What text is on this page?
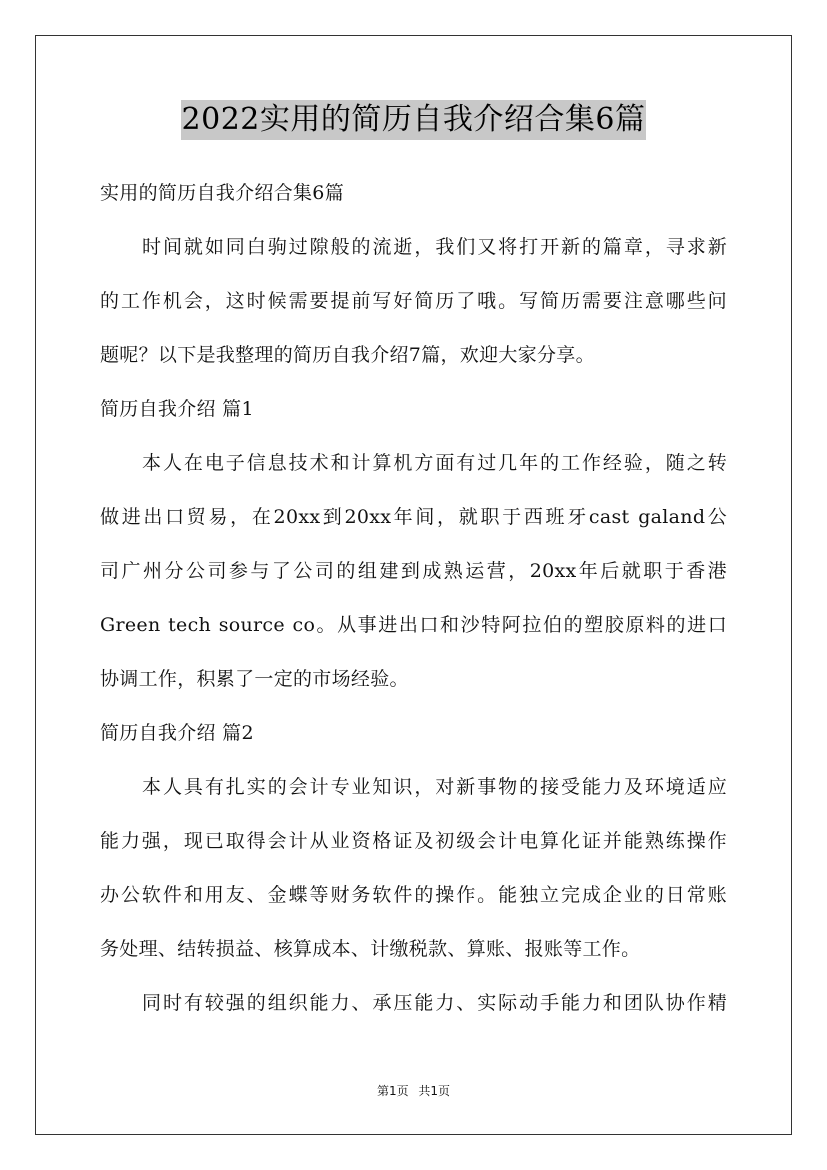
2022实用的简历自我介绍合集6篇
实用的简历自我介绍合集6篇
时间就如同白驹过隙般的流逝，我们又将打开新的篇章，寻求新
的工作机会，这时候需要提前写好简历了哦。写简历需要注意哪些问
题呢？以下是我整理的简历自我介绍7篇，欢迎大家分享。
简历自我介绍 篇1
本人在电子信息技术和计算机方面有过几年的工作经验，随之转
做进出口贸易，在20xx到20xx年间，就职于西班牙cast galand公
司广州分公司参与了公司的组建到成熟运营，20xx年后就职于香港
Green tech source co。从事进出口和沙特阿拉伯的塑胶原料的进口
协调工作，积累了一定的市场经验。
简历自我介绍 篇2
本人具有扎实的会计专业知识，对新事物的接受能力及环境适应
能力强，现已取得会计从业资格证及初级会计电算化证并能熟练操作
办公软件和用友、金蝶等财务软件的操作。能独立完成企业的日常账
务处理、结转损益、核算成本、计缴税款、算账、报账等工作。
同时有较强的组织能力、承压能力、实际动手能力和团队协作精
第1页 共1页
